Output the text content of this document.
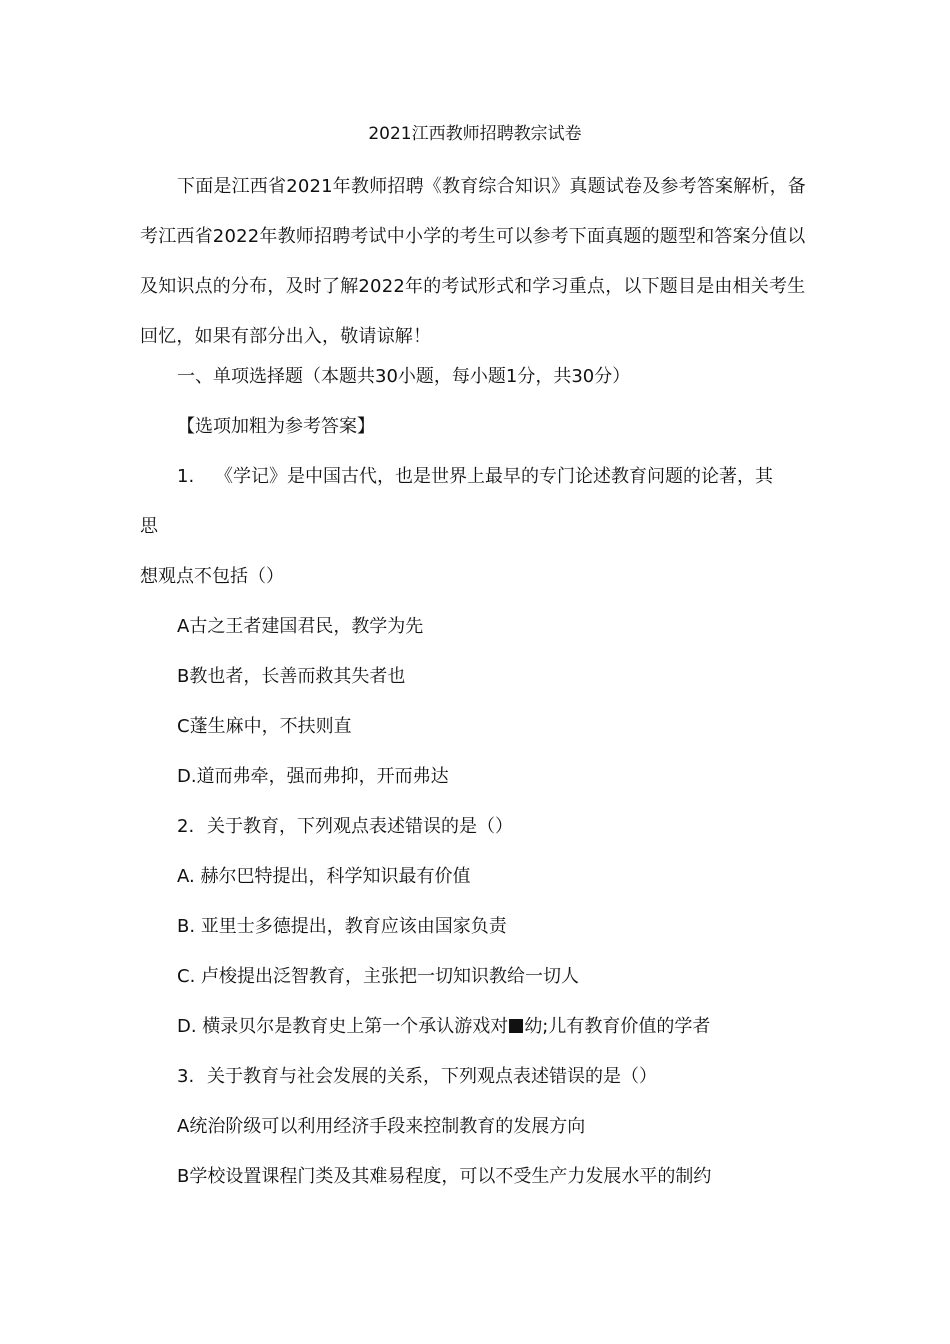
2021江西教师招聘教宗试卷
下面是江西省2021年教师招聘《教育综合知识》真题试卷及参考答案解析，备考江西省2022年教师招聘考试中小学的考生可以参考下面真题的题型和答案分值以及知识点的分布，及时了解2022年的考试形式和学习重点，以下题目是由相关考生回忆，如果有部分出入，敬请谅解！
一、单项选择题（本题共30小题，每小题1分，共30分）
【选项加粗为参考答案】
1. 《学记》是中国古代，也是世界上最早的专门论述教育问题的论著，其
思
想观点不包括（）
A古之王者建国君民，教学为先
B教也者，长善而救其失者也
C蓬生麻中，不扶则直
D.道而弗牵，强而弗抑，开而弗达
2. 关于教育，下列观点表述错误的是（）
A. 赫尔巴特提出，科学知识最有价值
B. 亚里士多德提出，教育应该由国家负责
C. 卢梭提出泛智教育，主张把一切知识教给一切人
D. 横录贝尔是教育史上第一个承认游戏对 幼;儿有教育价值的学者
3. 关于教育与社会发展的关系，下列观点表述错误的是（）
A统治阶级可以利用经济手段来控制教育的发展方向
B学校设置课程门类及其难易程度，可以不受生产力发展水平的制约
